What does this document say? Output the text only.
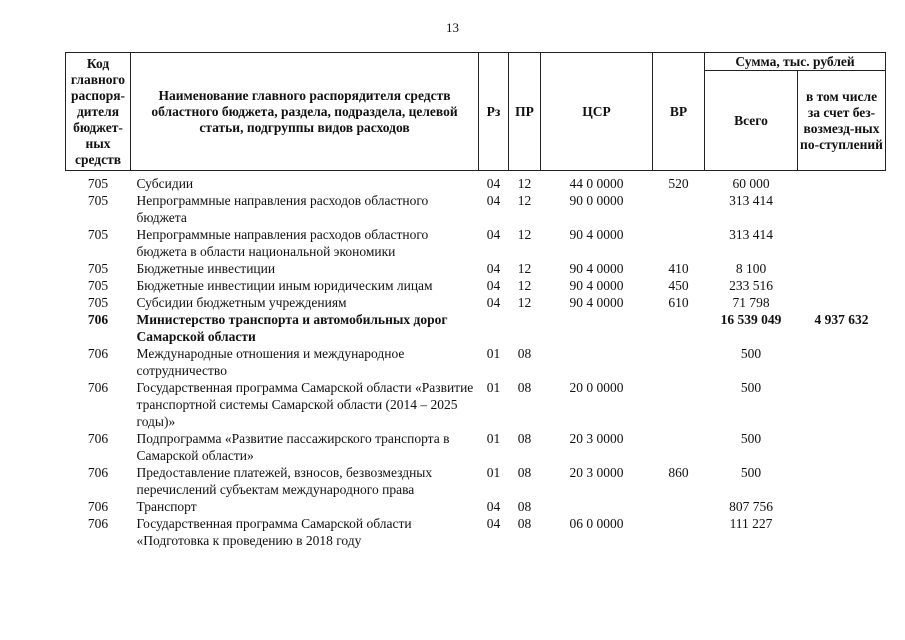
13
Код главного распоря-дителя бюджет-ных средств	Наименование главного распорядителя средств областного бюджета, раздела, подраздела, целевой статьи, подгруппы видов расходов	Рз	ПР	ЦСР	ВР	Сумма, тыс. рублей	
						Всего	в том числе за счет без-возмезд-ных по-ступлений
705	Субсидии	04	12	44 0 0000	520	60 000	
705	Непрограммные направления расходов областного бюджета	04	12	90 0 0000		313 414	
705	Непрограммные направления расходов областного бюджета в области национальной экономики	04	12	90 4 0000		313 414	
705	Бюджетные инвестиции	04	12	90 4 0000	410	8 100	
705	Бюджетные инвестиции иным юридическим лицам	04	12	90 4 0000	450	233 516	
705	Субсидии бюджетным учреждениям	04	12	90 4 0000	610	71 798	
706	Министерство транспорта и автомобильных дорог Самарской области					16 539 049	4 937 632
706	Международные отношения и международное сотрудничество	01	08			500	
706	Государственная программа Самарской области «Развитие транспортной системы Самарской области (2014 – 2025 годы)»	01	08	20 0 0000		500	
706	Подпрограмма «Развитие пассажирского транспорта в Самарской области»	01	08	20 3 0000		500	
706	Предоставление платежей, взносов, безвозмездных перечислений субъектам международного права	01	08	20 3 0000	860	500	
706	Транспорт	04	08			807 756	
706	Государственная программа Самарской области «Подготовка к проведению в 2018 году	04	08	06 0 0000		111 227	
